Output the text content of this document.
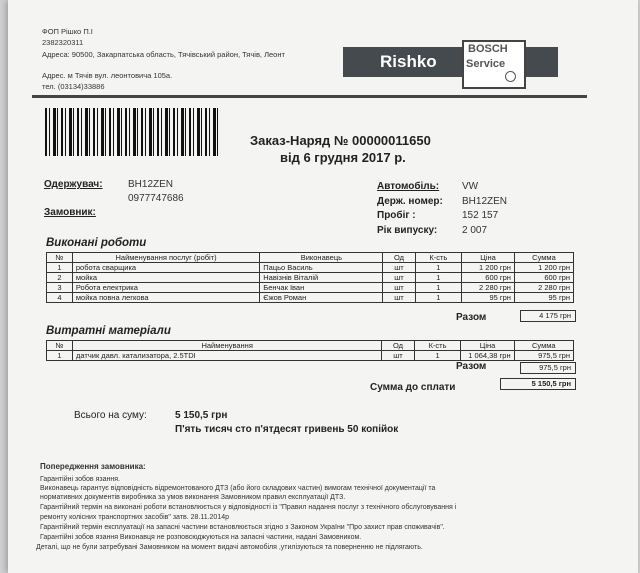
ФОП Рішко П.І
2382320311
Адреса: 90500, Закарпатська область, Тячівський район, Тячів, Леонт
Адрес. м Тячів вул. леонтовича 105а.
тел. (03134)33886
Rishko
BOSCH
Service
Заказ-Наряд № 00000011650
від 6 грудня 2017 р.
Одержувач:	BH12ZEN
0977747686
Замовник:
Автомобіль: VW
Держ. номер: BH12ZEN
Пробіг :	152 157
Рік випуску: 2 007
Виконані роботи
№	Найменування послуг (робіт)	Виконавець	Од	К-сть	Ціна	Сумма
1	робота сварщика	Пацьо Василь	шт	1	1 200 грн	1 200 грн
2	мойка	Навізнів Віталій	шт	1	600 грн	600 грн
3	Робота електрика	Бенчак Іван	шт	1	2 280 грн	2 280 грн
4	мойка повна легкова	Єжов Роман	шт	1	95 грн	95 грн
Разом	4 175 грн
Витратні матеріали
№	Найменування	Од	К-сть	Ціна	Сумма
1	датчик давл. катализатора, 2.5TDI	шт	1	1 064,38 грн	975,5 грн
Разом	975,5 грн
Сумма до сплати	5 150,5 грн
Всього на суму:	5 150,5 грн
П'ять тисяч сто п'ятдесят гривень 50 копійок
Попередження замовника:
Гарантійні зобов язання.
Виконавець гарантує відповідність відремонтованого ДТЗ (або його складових частин) вимогам технічної документації та
нормативних документів виробника за умов виконання Замовником правил експлуатації ДТЗ.
Гарантійний термін на виконані роботи встановлюється у відповідності із "Правил надання послуг з технічного обслуговування і
ремонту колісних транспортних засобів" затв. 28.11.2014р
Гарантійний термін експлуатації на запасні частини встановлюється згідно з Законом України "Про захист прав споживачів".
Гарантійні зобов язання Виконавця не розповсюджуються на запасні частини, надані Замовником.
Деталі, що не були затребувані Замовником на момент видачі автомобіля ,утилізуються та поверненню не підлягають.
